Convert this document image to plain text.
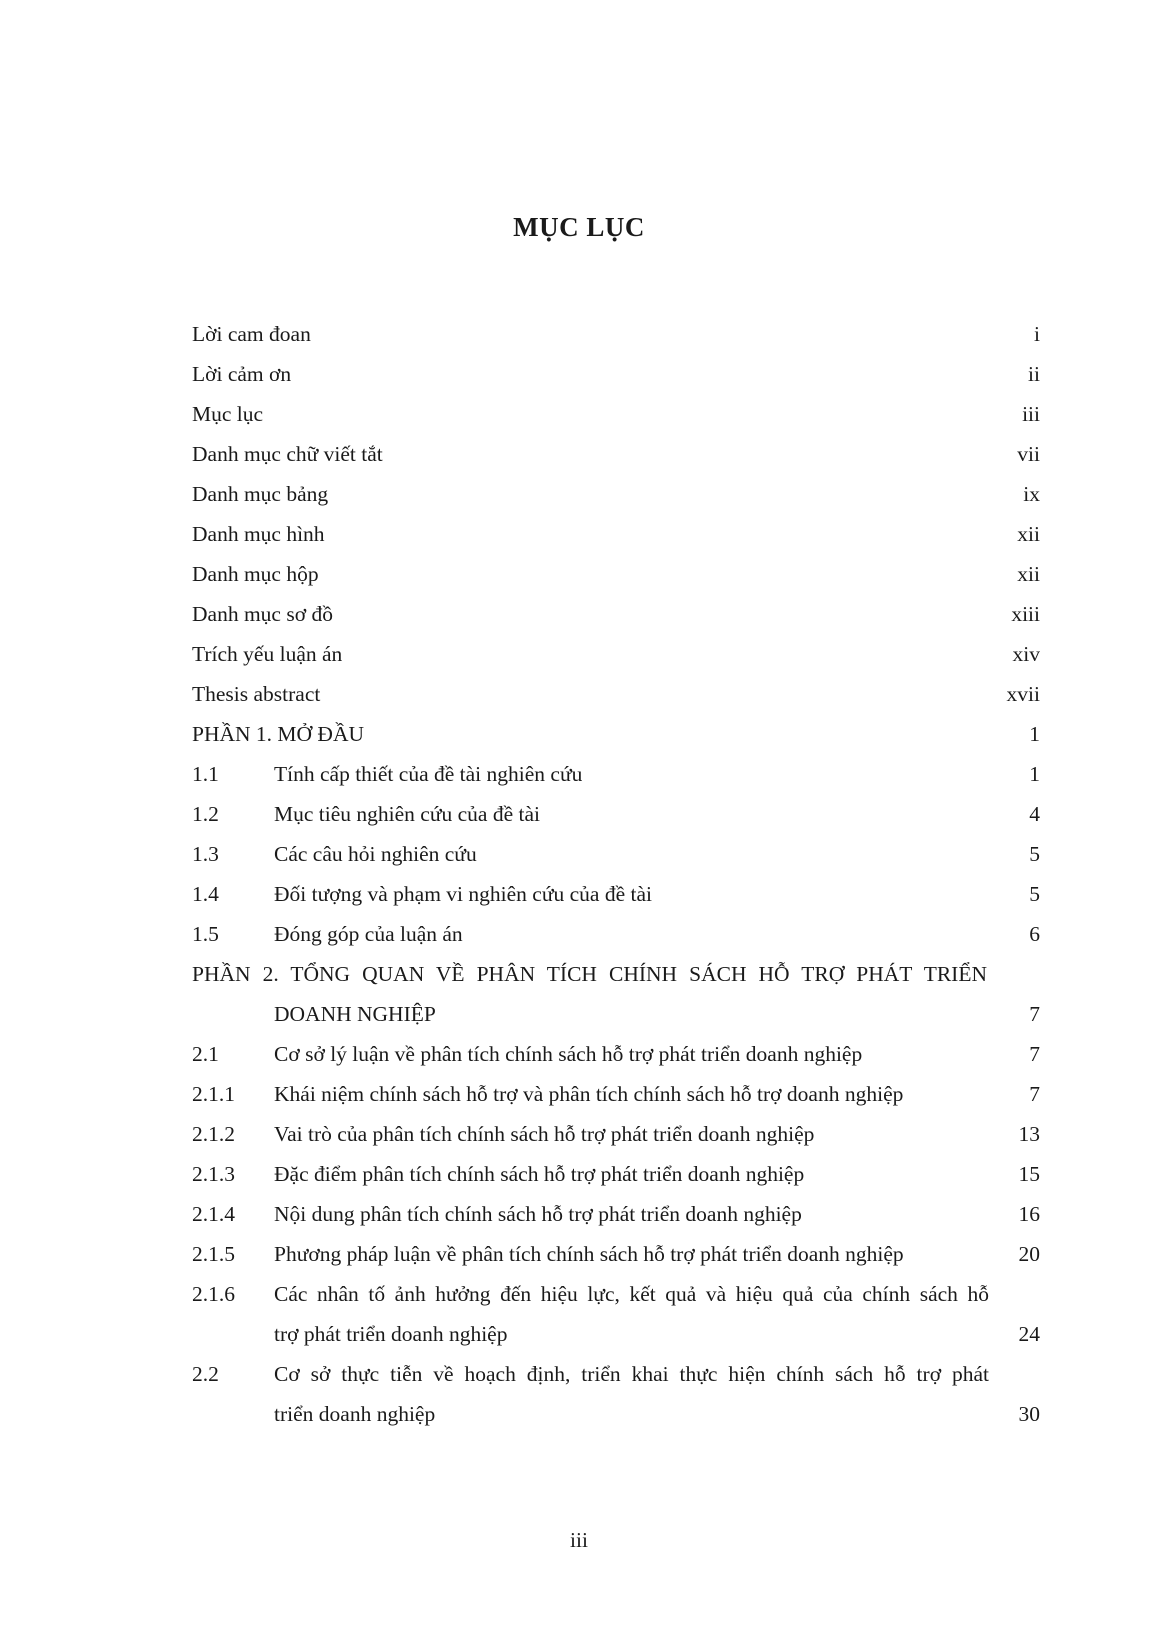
MỤC LỤC
Lời cam đoan	i
Lời cảm ơn	ii
Mục lục	iii
Danh mục chữ viết tắt	vii
Danh mục bảng	ix
Danh mục hình	xii
Danh mục hộp	xii
Danh mục sơ đồ	xiii
Trích yếu luận án	xiv
Thesis abstract	xvii
PHẦN 1. MỞ ĐẦU	1
1.1	Tính cấp thiết của đề tài nghiên cứu	1
1.2	Mục tiêu nghiên cứu của đề tài	4
1.3	Các câu hỏi nghiên cứu	5
1.4	Đối tượng và phạm vi nghiên cứu của đề tài	5
1.5	Đóng góp của luận án	6
PHẦN 2. TỔNG QUAN VỀ PHÂN TÍCH CHÍNH SÁCH HỖ TRỢ PHÁT TRIỂN
DOANH NGHIỆP	7
2.1	Cơ sở lý luận về phân tích chính sách hỗ trợ phát triển doanh nghiệp	7
2.1.1	Khái niệm chính sách hỗ trợ và phân tích chính sách hỗ trợ doanh nghiệp	7
2.1.2	Vai trò của phân tích chính sách hỗ trợ phát triển doanh nghiệp	13
2.1.3	Đặc điểm phân tích chính sách hỗ trợ phát triển doanh nghiệp	15
2.1.4	Nội dung phân tích chính sách hỗ trợ phát triển doanh nghiệp	16
2.1.5	Phương pháp luận về phân tích chính sách hỗ trợ phát triển doanh nghiệp	20
2.1.6	Các nhân tố ảnh hưởng đến hiệu lực, kết quả và hiệu quả của chính sách hỗ
trợ phát triển doanh nghiệp	24
2.2	Cơ sở thực tiễn về hoạch định, triển khai thực hiện chính sách hỗ trợ phát
triển doanh nghiệp	30
iii
